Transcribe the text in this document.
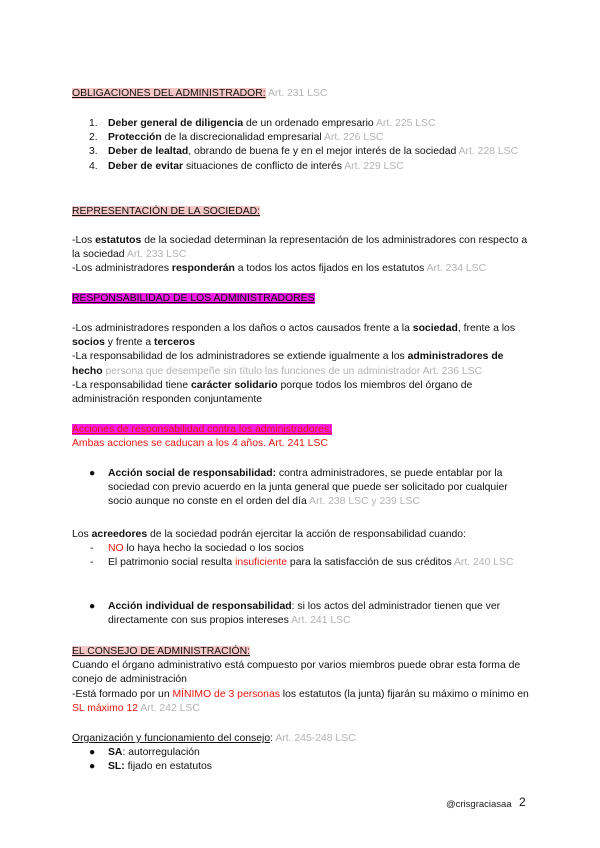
OBLIGACIONES DEL ADMINISTRADOR: Art. 231 LSC
1. Deber general de diligencia de un ordenado empresario Art. 225 LSC
2. Protección de la discrecionalidad empresarial Art. 226 LSC
3. Deber de lealtad, obrando de buena fe y en el mejor interés de la sociedad Art. 228 LSC
4. Deber de evitar situaciones de conflicto de interés Art. 229 LSC
REPRESENTACIÓN DE LA SOCIEDAD:
-Los estatutos de la sociedad determinan la representación de los administradores con respecto a la sociedad Art. 233 LSC
-Los administradores responderán a todos los actos fijados en los estatutos Art. 234 LSC
RESPONSABILIDAD DE LOS ADMINISTRADORES
-Los administradores responden a los daños o actos causados frente a la sociedad, frente a los socios y frente a terceros
-La responsabilidad de los administradores se extiende igualmente a los administradores de hecho persona que desempeñe sin título las funciones de un administrador Art. 236 LSC
-La responsabilidad tiene carácter solidario porque todos los miembros del órgano de administración responden conjuntamente
Acciones de responsabilidad contra los administradores:
Ambas acciones se caducan a los 4 años. Art. 241 LSC
● Acción social de responsabilidad: contra administradores, se puede entablar por la sociedad con previo acuerdo en la junta general que puede ser solicitado por cualquier socio aunque no conste en el orden del día Art. 238 LSC y 239 LSC
Los acreedores de la sociedad podrán ejercitar la acción de responsabilidad cuando:
- NO lo haya hecho la sociedad o los socios
- El patrimonio social resulta insuficiente para la satisfacción de sus créditos Art. 240 LSC
● Acción individual de responsabilidad: si los actos del administrador tienen que ver directamente con sus propios intereses Art. 241 LSC
EL CONSEJO DE ADMINISTRACIÓN:
Cuando el órgano administrativo está compuesto por varios miembros puede obrar esta forma de conejo de administración
-Está formado por un MÍNIMO de 3 personas los estatutos (la junta) fijarán su máximo o mínimo en SL máximo 12 Art. 242 LSC
Organización y funcionamiento del consejo: Art. 245-248 LSC
● SA: autorregulación
● SL: fijado en estatutos
@crisgraciasaa 2
